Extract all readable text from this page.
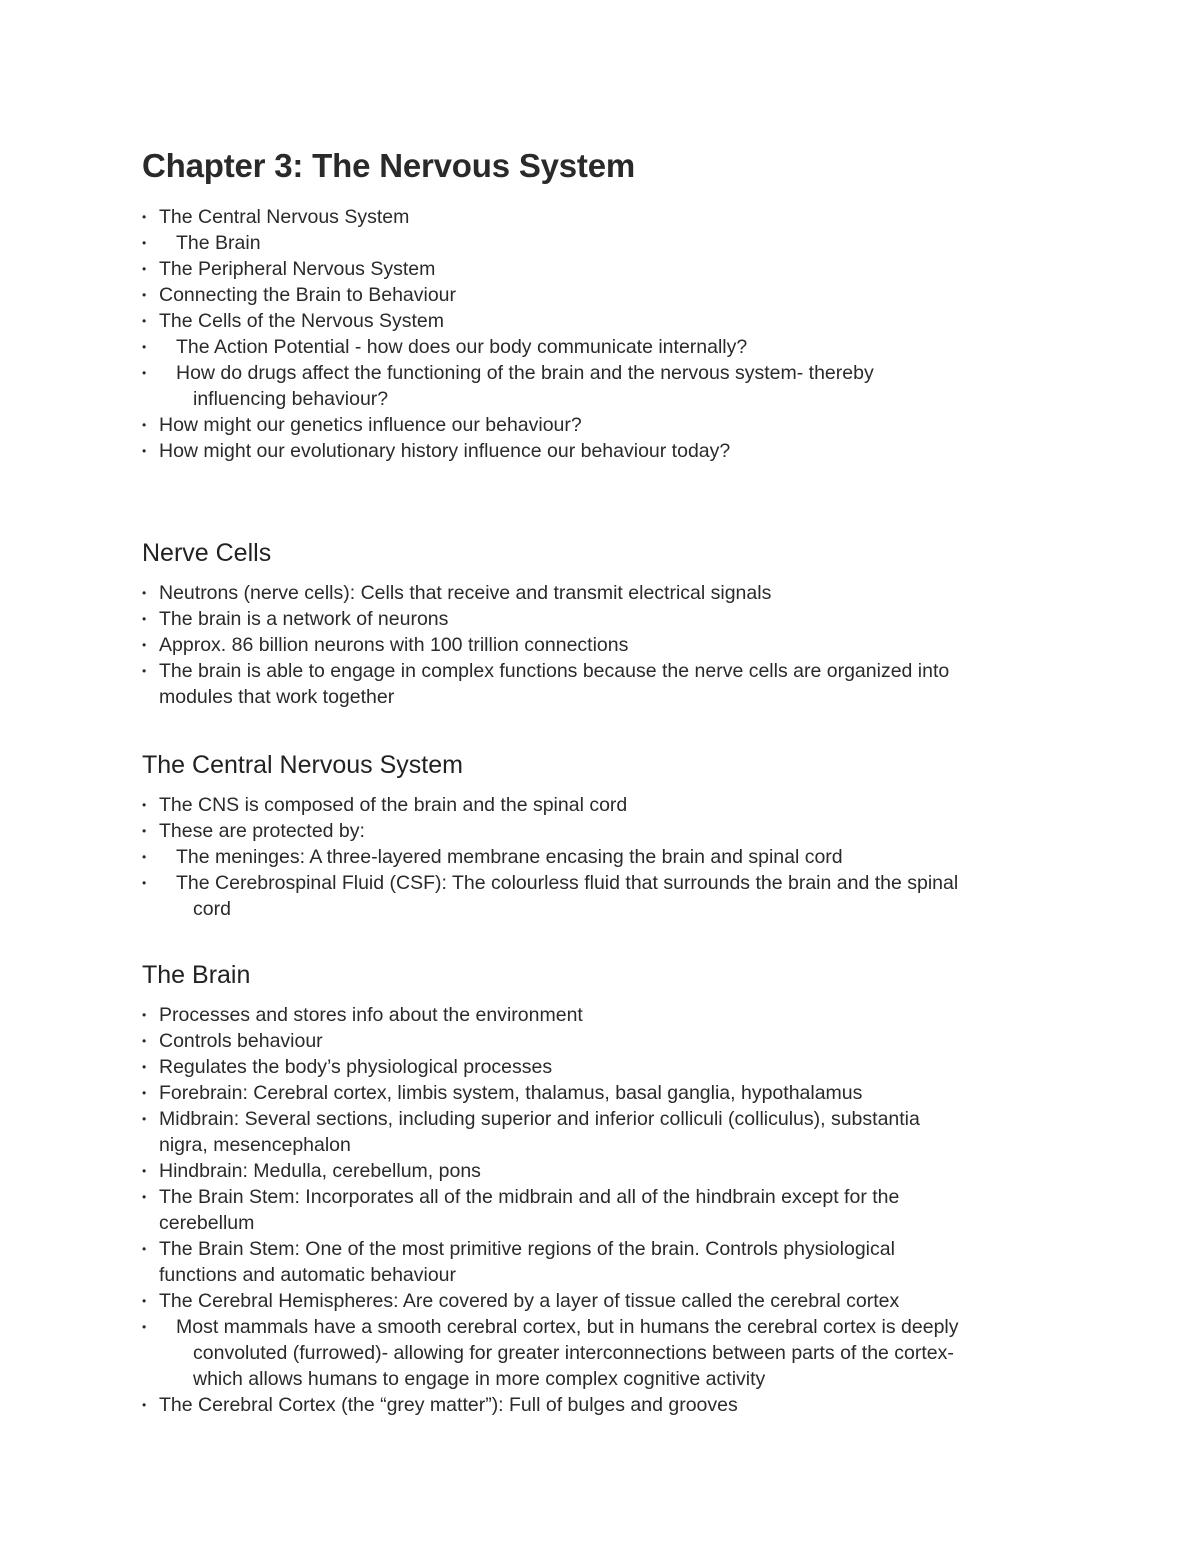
Chapter 3: The Nervous System
• The Central Nervous System
• The Brain
• The Peripheral Nervous System
• Connecting the Brain to Behaviour
• The Cells of the Nervous System
• The Action Potential - how does our body communicate internally?
• How do drugs affect the functioning of the brain and the nervous system- thereby
influencing behaviour?
• How might our genetics influence our behaviour?
• How might our evolutionary history influence our behaviour today?
Nerve Cells
• Neutrons (nerve cells): Cells that receive and transmit electrical signals
• The brain is a network of neurons
• Approx. 86 billion neurons with 100 trillion connections
• The brain is able to engage in complex functions because the nerve cells are organized into
modules that work together
The Central Nervous System
• The CNS is composed of the brain and the spinal cord
• These are protected by:
• The meninges: A three-layered membrane encasing the brain and spinal cord
• The Cerebrospinal Fluid (CSF): The colourless fluid that surrounds the brain and the spinal
cord
The Brain
• Processes and stores info about the environment
• Controls behaviour
• Regulates the body’s physiological processes
• Forebrain: Cerebral cortex, limbis system, thalamus, basal ganglia, hypothalamus
• Midbrain: Several sections, including superior and inferior colliculi (colliculus), substantia
nigra, mesencephalon
• Hindbrain: Medulla, cerebellum, pons
• The Brain Stem: Incorporates all of the midbrain and all of the hindbrain except for the
cerebellum
• The Brain Stem: One of the most primitive regions of the brain. Controls physiological
functions and automatic behaviour
• The Cerebral Hemispheres: Are covered by a layer of tissue called the cerebral cortex
• Most mammals have a smooth cerebral cortex, but in humans the cerebral cortex is deeply
convoluted (furrowed)- allowing for greater interconnections between parts of the cortex-
which allows humans to engage in more complex cognitive activity
• The Cerebral Cortex (the “grey matter”): Full of bulges and grooves
